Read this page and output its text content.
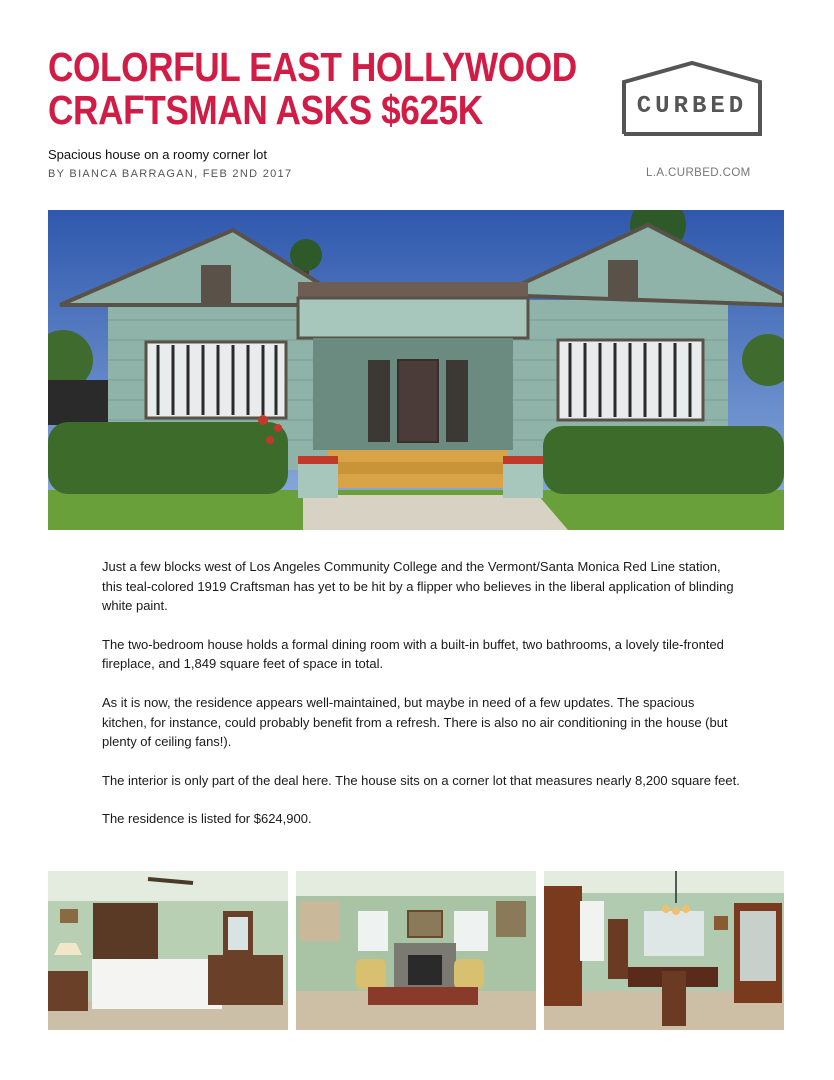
COLORFUL EAST HOLLYWOOD
CRAFTSMAN ASKS $625K	CURBED
Spacious house on a roomy corner lot
BY BIANCA BARRAGAN, FEB 2ND 2017	L.A.CURBED.COM

Just a few blocks west of Los Angeles Community College and the Vermont/Santa Monica Red Line station, this teal-colored 1919 Craftsman has yet to be hit by a flipper who believes in the liberal application of blinding white paint.

The two-bedroom house holds a formal dining room with a built-in buffet, two bathrooms, a lovely tile-fronted fireplace, and 1,849 square feet of space in total.

As it is now, the residence appears well-maintained, but maybe in need of a few updates. The spacious kitchen, for instance, could probably benefit from a refresh. There is also no air conditioning in the house (but plenty of ceiling fans!).

The interior is only part of the deal here. The house sits on a corner lot that measures nearly 8,200 square feet.

The residence is listed for $624,900.
